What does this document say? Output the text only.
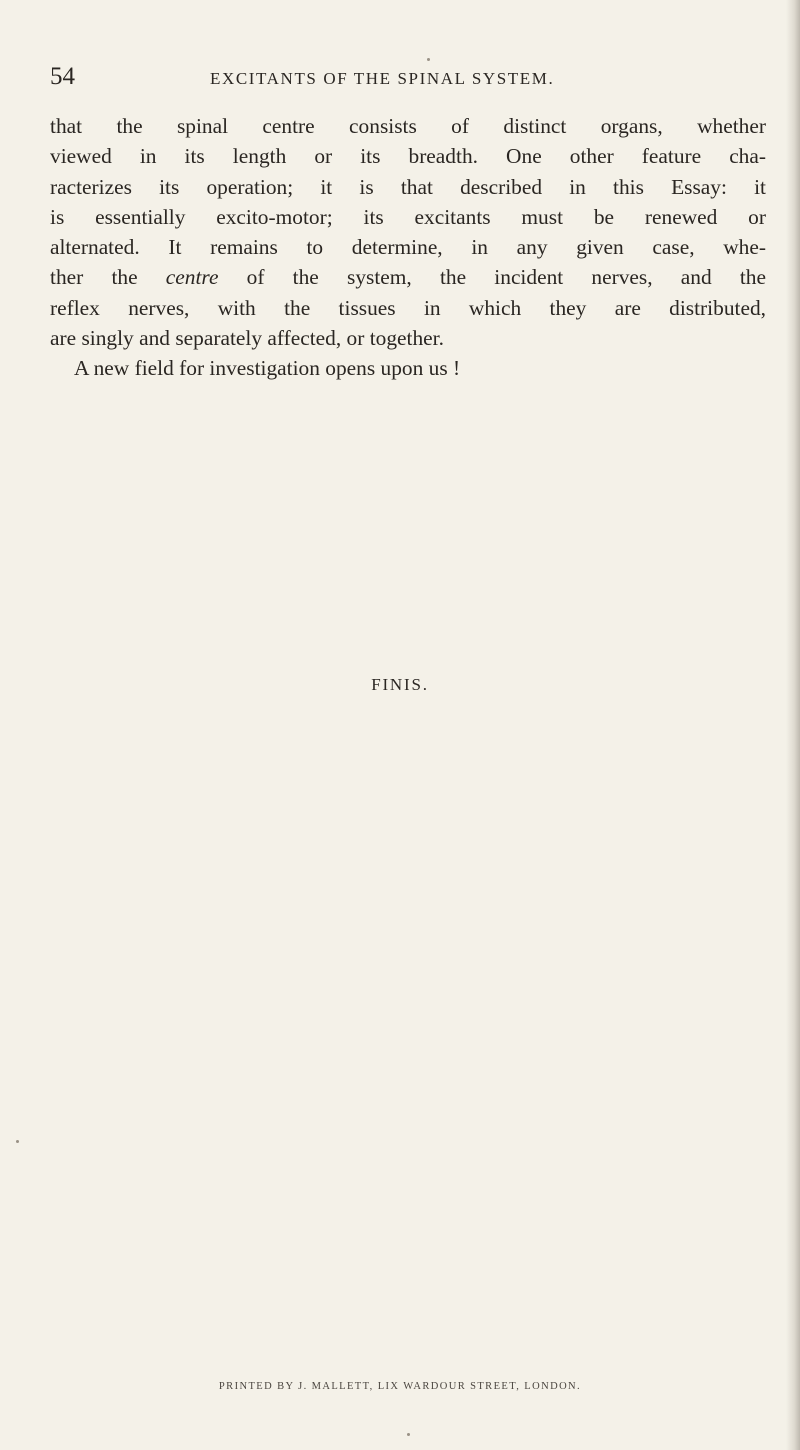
54	EXCITANTS OF THE SPINAL SYSTEM.

that the spinal centre consists of distinct organs, whether
viewed in its length or its breadth. One other feature cha-
racterizes its operation; it is that described in this Essay: it
is essentially excito-motor; its excitants must be renewed or
alternated. It remains to determine, in any given case, whe-
ther the centre of the system, the incident nerves, and the
reflex nerves, with the tissues in which they are distributed,
are singly and separately affected, or together.
A new field for investigation opens upon us !

FINIS.
PRINTED BY J. MALLETT, LIX WARDOUR STREET, LONDON.
